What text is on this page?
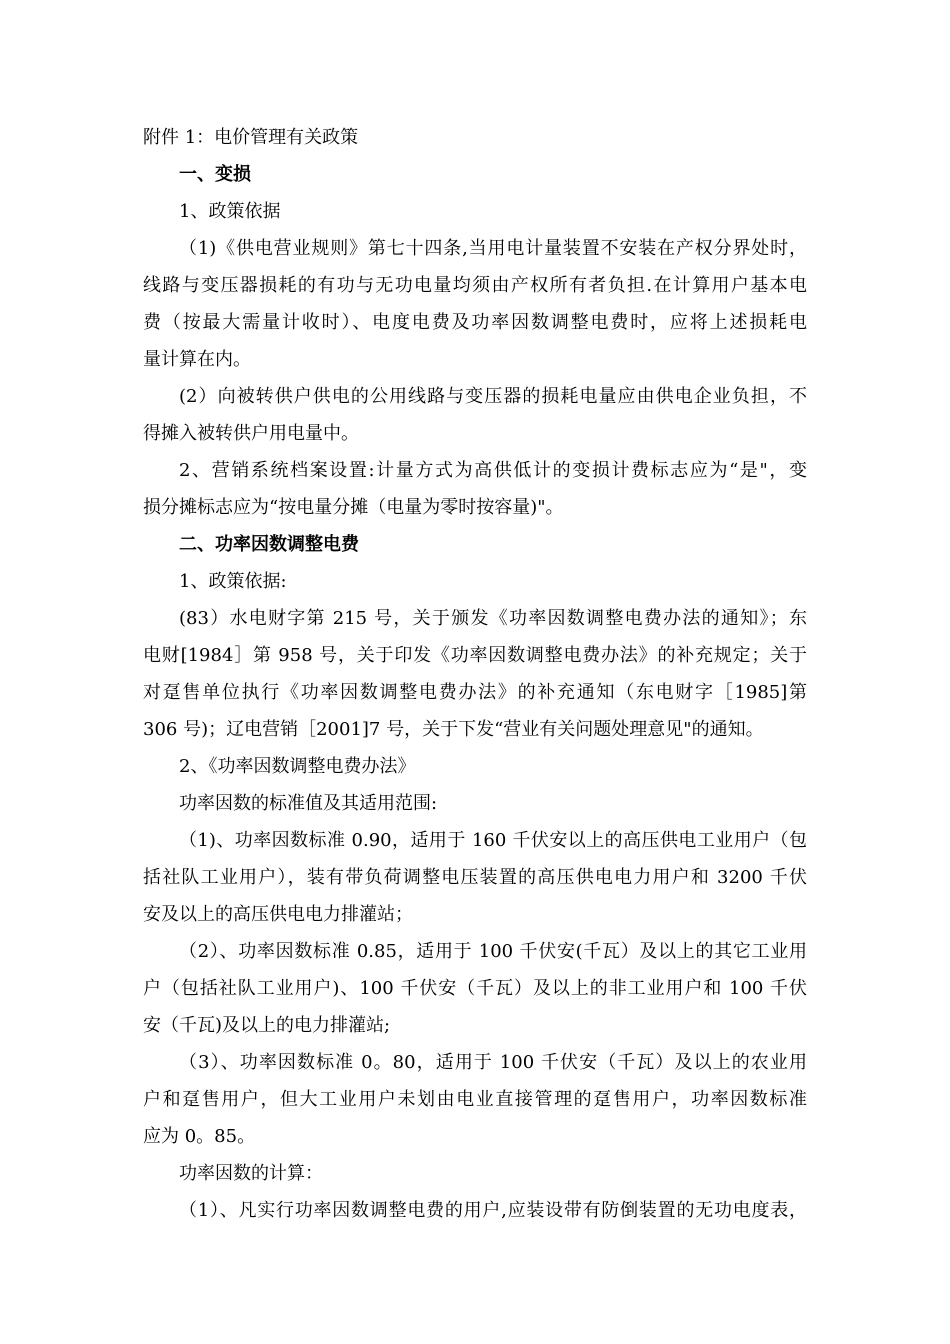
附件 1：电价管理有关政策
一、变损
1、政策依据
（1)《供电营业规则》第七十四条,当用电计量装置不安装在产权分界处时，
线路与变压器损耗的有功与无功电量均须由产权所有者负担.在计算用户基本电
费（按最大需量计收时）、电度电费及功率因数调整电费时，应将上述损耗电
量计算在内。
(2）向被转供户供电的公用线路与变压器的损耗电量应由供电企业负担，不
得摊入被转供户用电量中。
2、营销系统档案设置:计量方式为高供低计的变损计费标志应为“是"，变
损分摊标志应为“按电量分摊（电量为零时按容量)"。
二、功率因数调整电费
1、政策依据:
(83）水电财字第 215 号，关于颁发《功率因数调整电费办法的通知》；东
电财[1984］第 958 号，关于印发《功率因数调整电费办法》的补充规定；关于
对趸售单位执行《功率因数调整电费办法》的补充通知（东电财字［1985]第
306 号)；辽电营销［2001]7 号，关于下发“营业有关问题处理意见"的通知。
2、《功率因数调整电费办法》
功率因数的标准值及其适用范围:
（1)、功率因数标准 0.90，适用于 160 千伏安以上的高压供电工业用户（包
括社队工业用户），装有带负荷调整电压装置的高压供电电力用户和 3200 千伏
安及以上的高压供电电力排灌站；
（2）、功率因数标准 0.85，适用于 100 千伏安(千瓦）及以上的其它工业用
户（包括社队工业用户)、100 千伏安（千瓦）及以上的非工业用户和 100 千伏
安（千瓦)及以上的电力排灌站;
（3）、功率因数标准 0。80，适用于 100 千伏安（千瓦）及以上的农业用
户和趸售用户，但大工业用户未划由电业直接管理的趸售用户，功率因数标准
应为 0。85。
功率因数的计算：
（1）、凡实行功率因数调整电费的用户,应装设带有防倒装置的无功电度表，
